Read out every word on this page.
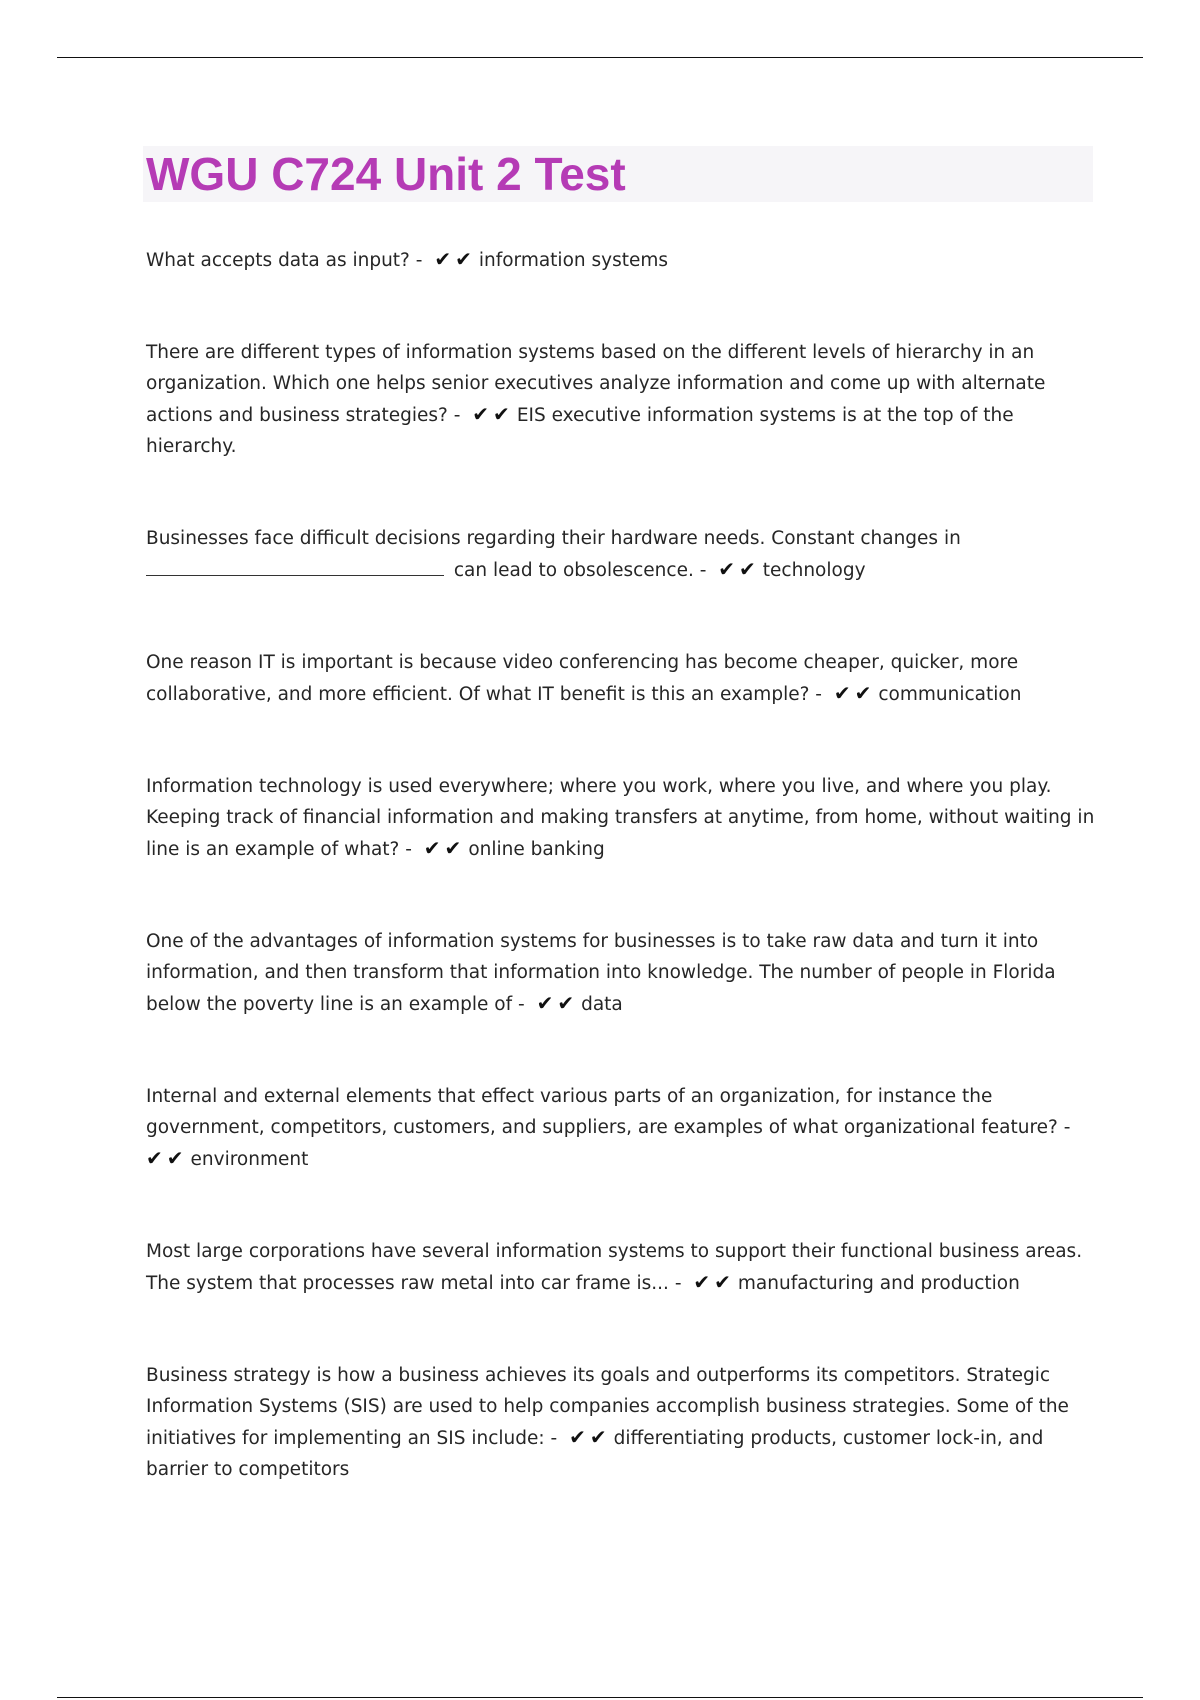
WGU C724 Unit 2 Test

What accepts data as input? - ✔✔ information systems

There are different types of information systems based on the different levels of hierarchy in an organization. Which one helps senior executives analyze information and come up with alternate actions and business strategies? - ✔✔ EIS executive information systems is at the top of the hierarchy.

Businesses face difficult decisions regarding their hardware needs. Constant changes in
can lead to obsolescence. - ✔✔ technology

One reason IT is important is because video conferencing has become cheaper, quicker, more collaborative, and more efficient. Of what IT benefit is this an example? - ✔✔ communication

Information technology is used everywhere; where you work, where you live, and where you play. Keeping track of financial information and making transfers at anytime, from home, without waiting in line is an example of what? - ✔✔ online banking

One of the advantages of information systems for businesses is to take raw data and turn it into information, and then transform that information into knowledge. The number of people in Florida below the poverty line is an example of - ✔✔ data

Internal and external elements that effect various parts of an organization, for instance the government, competitors, customers, and suppliers, are examples of what organizational feature? -
✔✔ environment

Most large corporations have several information systems to support their functional business areas. The system that processes raw metal into car frame is... - ✔✔ manufacturing and production

Business strategy is how a business achieves its goals and outperforms its competitors. Strategic Information Systems (SIS) are used to help companies accomplish business strategies. Some of the initiatives for implementing an SIS include: - ✔✔ differentiating products, customer lock-in, and barrier to competitors
